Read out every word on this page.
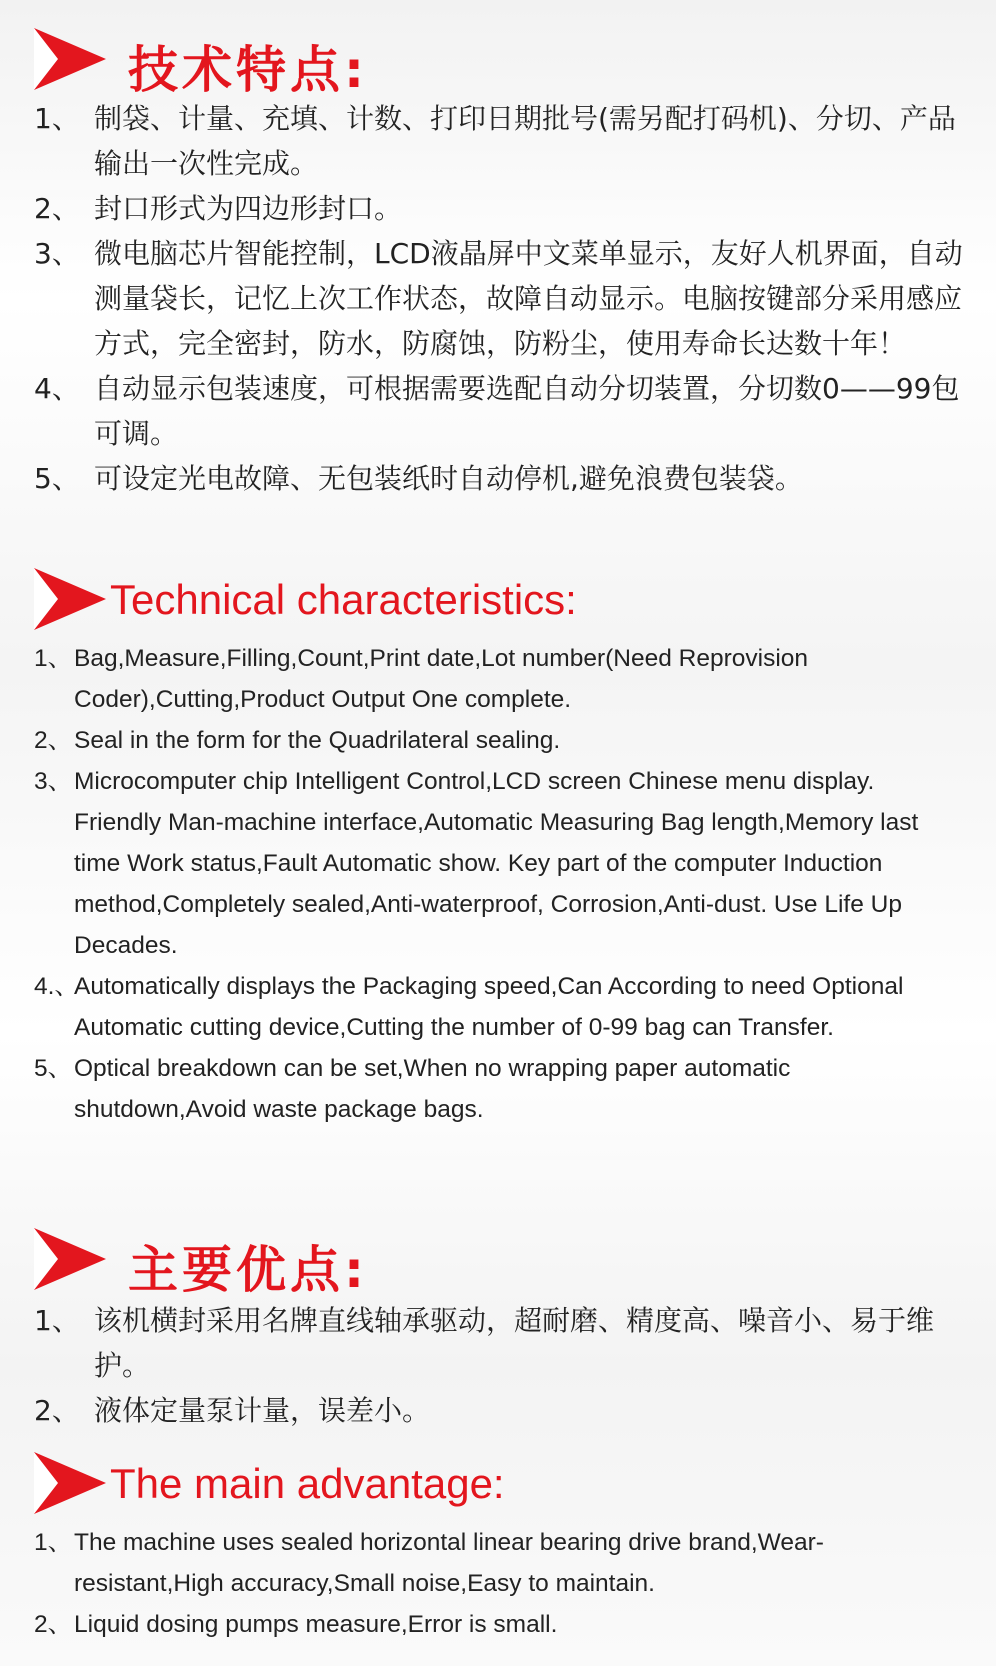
技术特点:
1、 制袋、计量、充填、计数、打印日期批号(需另配打码机)、分切、产品输出一次性完成。
2、 封口形式为四边形封口。
3、 微电脑芯片智能控制，LCD液晶屏中文菜单显示，友好人机界面，自动测量袋长，记忆上次工作状态，故障自动显示。电脑按键部分采用感应方式，完全密封，防水，防腐蚀，防粉尘，使用寿命长达数十年！
4、 自动显示包装速度，可根据需要选配自动分切装置，分切数0——99包可调。
5、 可设定光电故障、无包装纸时自动停机,避免浪费包装袋。
Technical characteristics:
1、 Bag,Measure,Filling,Count,Print date,Lot number(Need Reprovision Coder),Cutting,Product Output One complete.
2、 Seal in the form for the Quadrilateral sealing.
3、 Microcomputer chip Intelligent Control,LCD screen Chinese menu display. Friendly Man-machine interface,Automatic Measuring Bag length,Memory last time Work status,Fault Automatic show. Key part of the computer Induction method,Completely sealed,Anti-waterproof, Corrosion,Anti-dust. Use Life Up Decades.
4.、
Automatically displays the Packaging speed,Can According to need Optional Automatic cutting device,Cutting the number of 0-99 bag can Transfer.
5、 Optical breakdown can be set,When no wrapping paper automatic shutdown,Avoid waste package bags.
主要优点:
1、 该机横封采用名牌直线轴承驱动，超耐磨、精度高、噪音小、易于维护。
2、 液体定量泵计量，误差小。
The main advantage:
1、 The machine uses sealed horizontal linear bearing drive brand,Wear-resistant,High accuracy,Small noise,Easy to maintain.
2、 Liquid dosing pumps measure,Error is small.
